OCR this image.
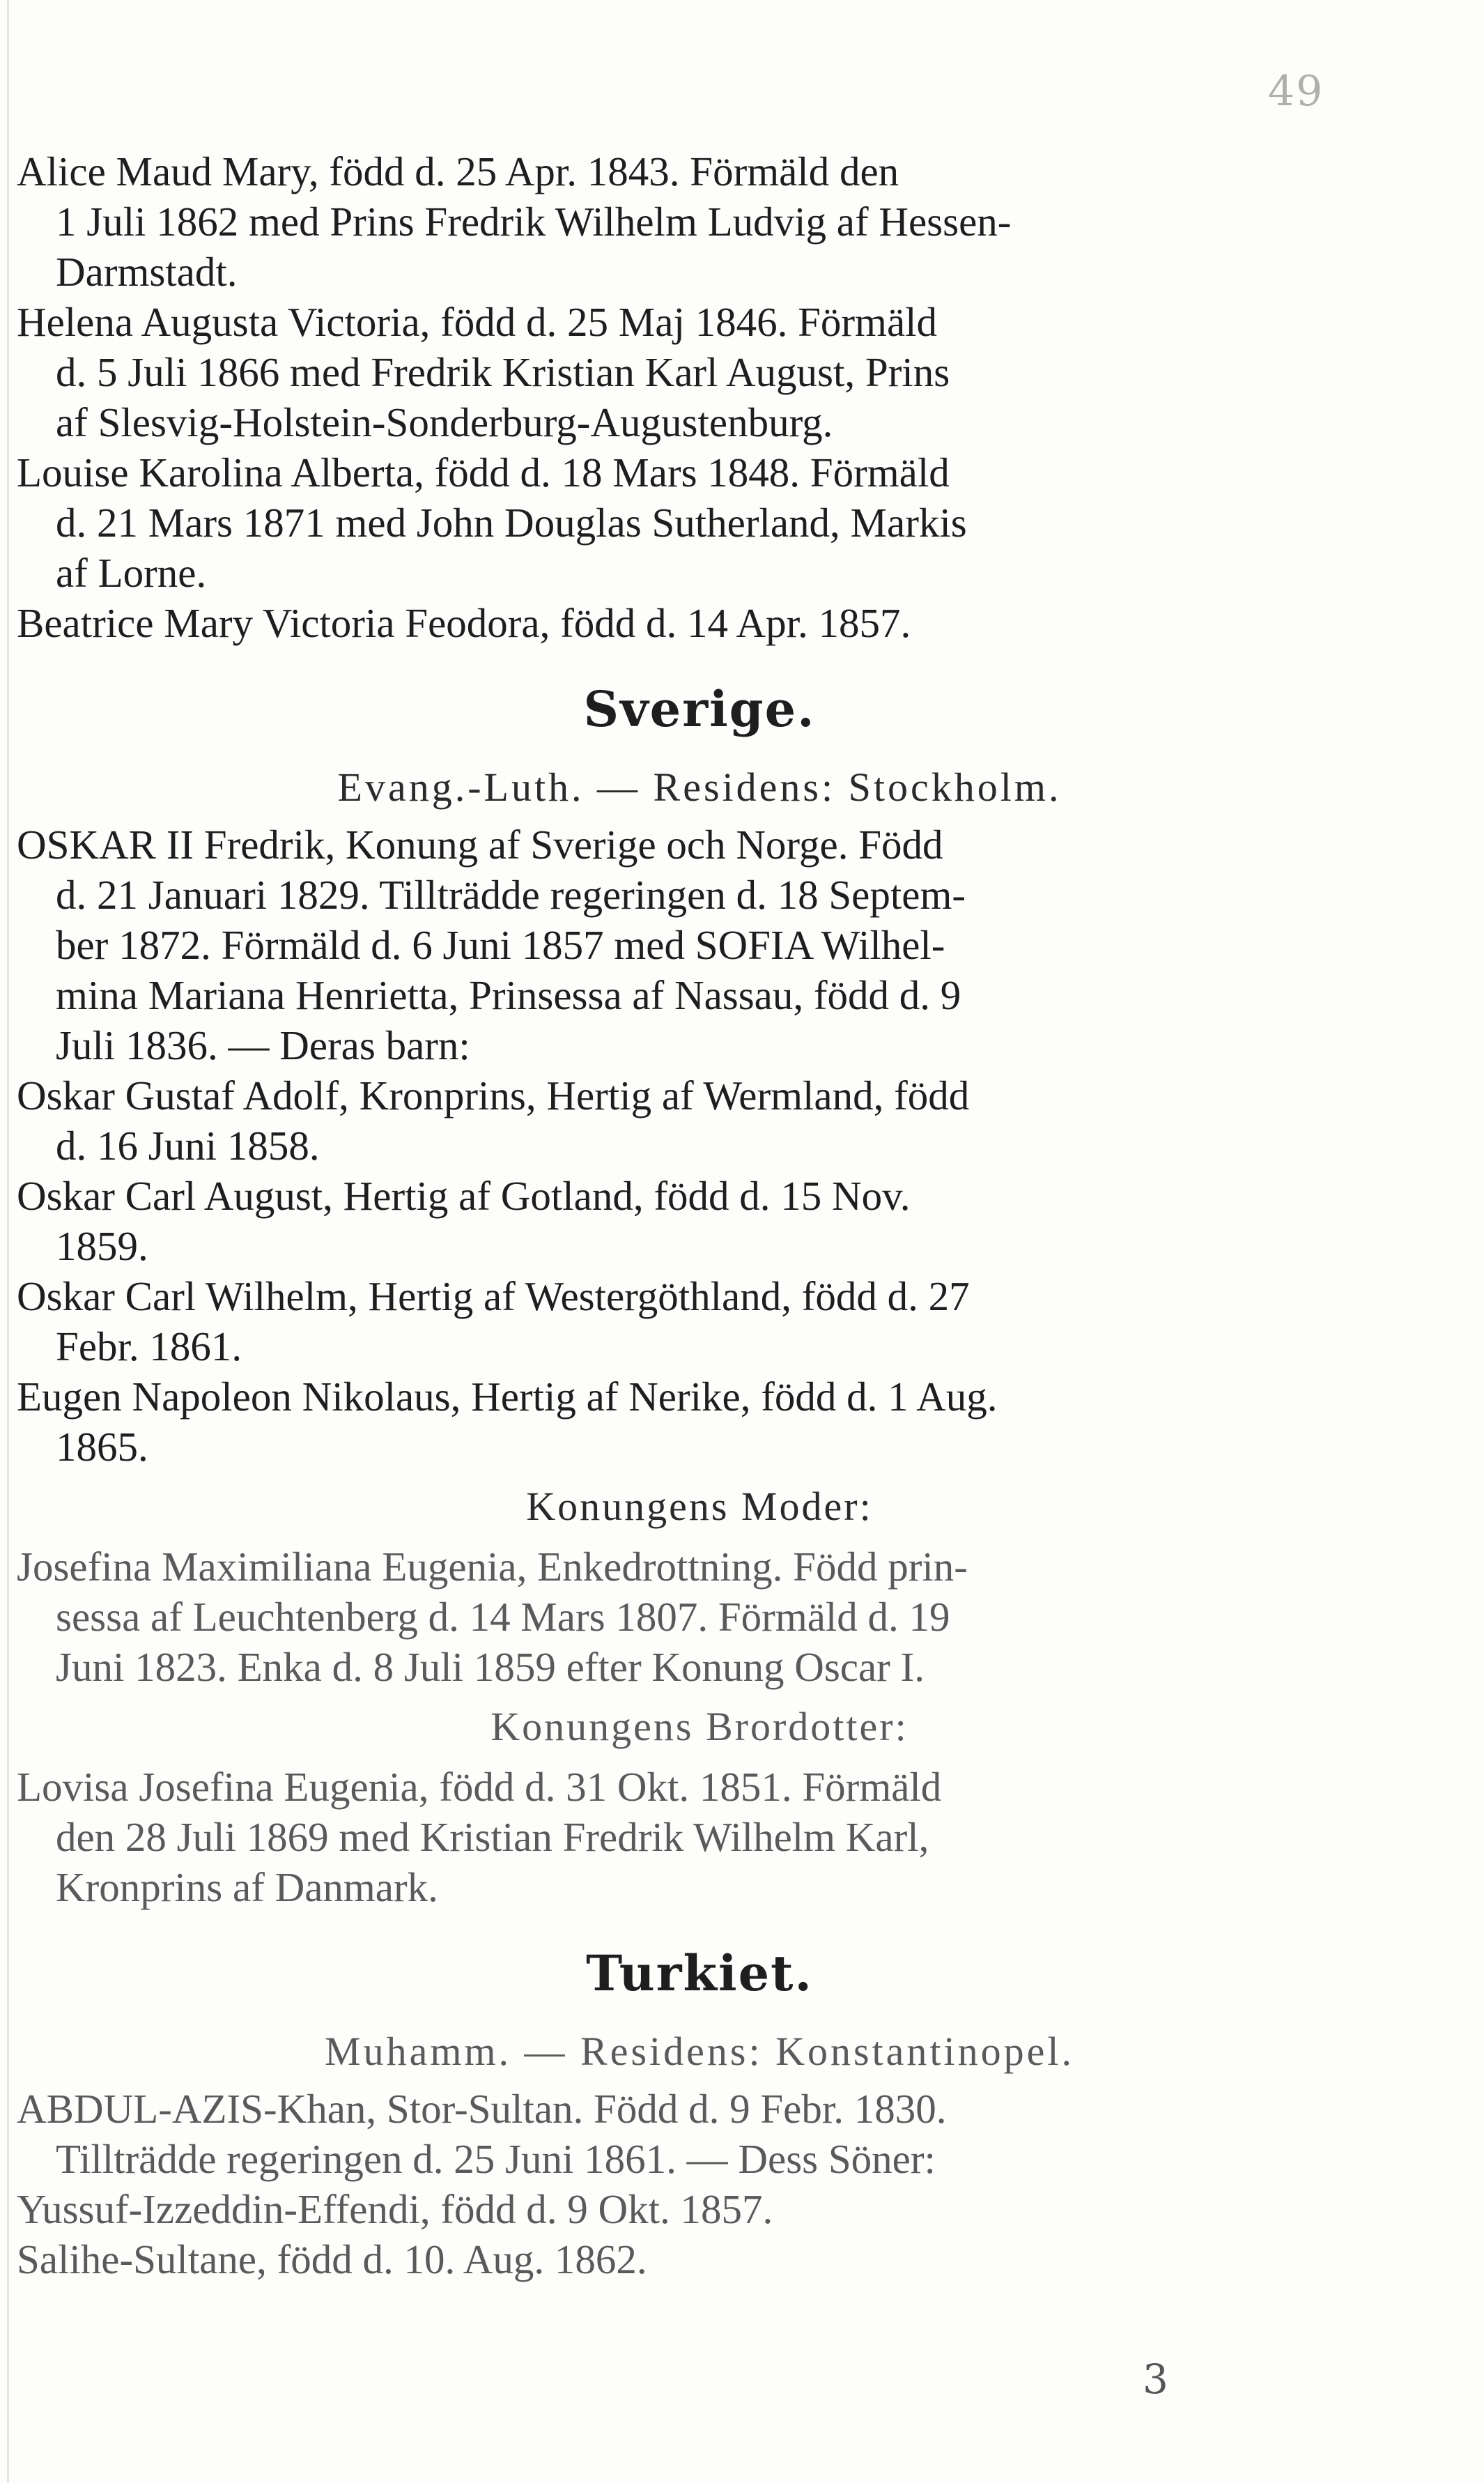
49
Alice Maud Mary, född d. 25 Apr. 1843. Förmäld den
1 Juli 1862 med Prins Fredrik Wilhelm Ludvig af Hessen-
Darmstadt.
Helena Augusta Victoria, född d. 25 Maj 1846. Förmäld
d. 5 Juli 1866 med Fredrik Kristian Karl August, Prins
af Slesvig-Holstein-Sonderburg-Augustenburg.
Louise Karolina Alberta, född d. 18 Mars 1848. Förmäld
d. 21 Mars 1871 med John Douglas Sutherland, Markis
af Lorne.
Beatrice Mary Victoria Feodora, född d. 14 Apr. 1857.
Sverige.
Evang.-Luth. — Residens: Stockholm.
OSKAR II Fredrik, Konung af Sverige och Norge. Född
d. 21 Januari 1829. Tillträdde regeringen d. 18 Septem-
ber 1872. Förmäld d. 6 Juni 1857 med SOFIA Wilhel-
mina Mariana Henrietta, Prinsessa af Nassau, född d. 9
Juli 1836. — Deras barn:
Oskar Gustaf Adolf, Kronprins, Hertig af Wermland, född
d. 16 Juni 1858.
Oskar Carl August, Hertig af Gotland, född d. 15 Nov.
1859.
Oskar Carl Wilhelm, Hertig af Westergöthland, född d. 27
Febr. 1861.
Eugen Napoleon Nikolaus, Hertig af Nerike, född d. 1 Aug.
1865.
Konungens Moder:
Josefina Maximiliana Eugenia, Enkedrottning. Född prin-
sessa af Leuchtenberg d. 14 Mars 1807. Förmäld d. 19
Juni 1823. Enka d. 8 Juli 1859 efter Konung Oscar I.
Konungens Brordotter:
Lovisa Josefina Eugenia, född d. 31 Okt. 1851. Förmäld
den 28 Juli 1869 med Kristian Fredrik Wilhelm Karl,
Kronprins af Danmark.
Turkiet.
Muhamm. — Residens: Konstantinopel.
ABDUL-AZIS-Khan, Stor-Sultan. Född d. 9 Febr. 1830.
Tillträdde regeringen d. 25 Juni 1861. — Dess Söner:
Yussuf-Izzeddin-Effendi, född d. 9 Okt. 1857.
Salihe-Sultane, född d. 10. Aug. 1862.
3
